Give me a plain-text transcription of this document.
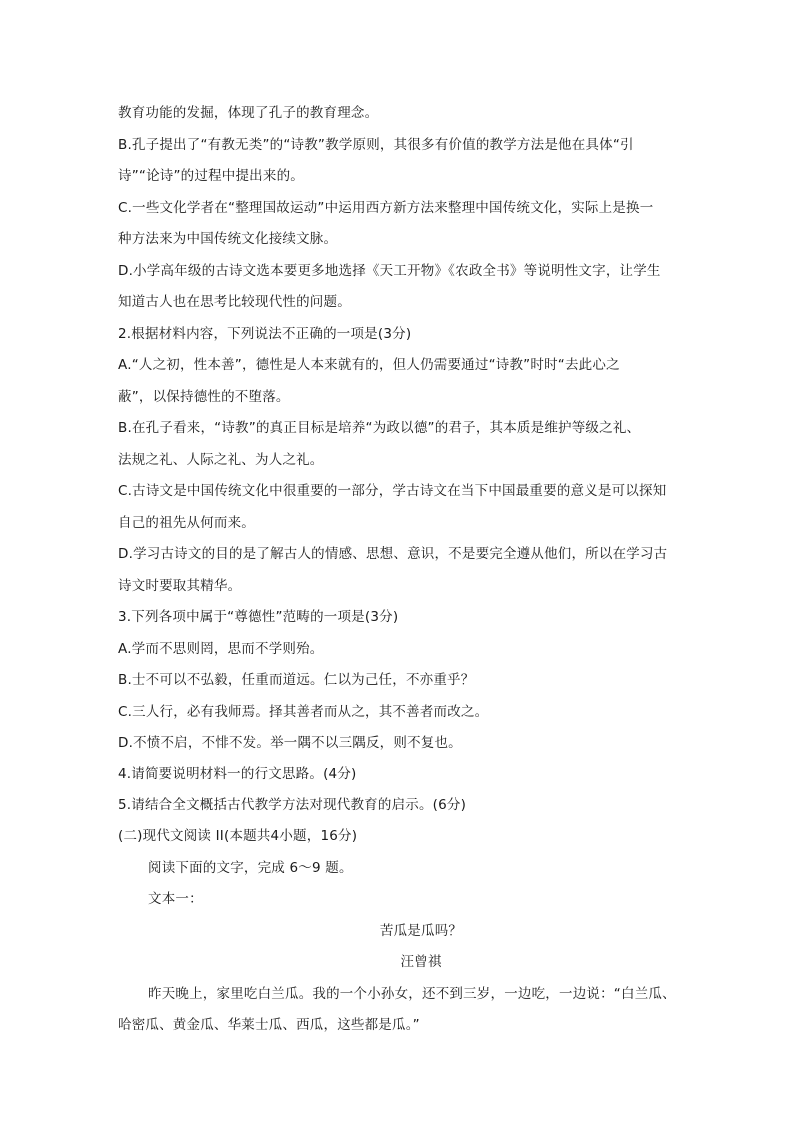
教育功能的发掘，体现了孔子的教育理念。
B.孔子提出了“有教无类”的“诗教”教学原则，其很多有价值的教学方法是他在具体“引
诗”“论诗”的过程中提出来的。
C.一些文化学者在“整理国故运动”中运用西方新方法来整理中国传统文化，实际上是换一
种方法来为中国传统文化接续文脉。
D.小学高年级的古诗文选本要更多地选择《天工开物》《农政全书》等说明性文字，让学生
知道古人也在思考比较现代性的问题。
2.根据材料内容，下列说法不正确的一项是(3分)
A.“人之初，性本善”，德性是人本来就有的，但人仍需要通过“诗教”时时“去此心之
蔽”，以保持德性的不堕落。
B.在孔子看来，“诗教”的真正目标是培养“为政以德”的君子，其本质是维护等级之礼、
法规之礼、人际之礼、为人之礼。
C.古诗文是中国传统文化中很重要的一部分，学古诗文在当下中国最重要的意义是可以探知
自己的祖先从何而来。
D.学习古诗文的目的是了解古人的情感、思想、意识，不是要完全遵从他们，所以在学习古
诗文时要取其精华。
3.下列各项中属于“尊德性”范畴的一项是(3分)
A.学而不思则罔，思而不学则殆。
B.士不可以不弘毅，任重而道远。仁以为己任，不亦重乎？
C.三人行，必有我师焉。择其善者而从之，其不善者而改之。
D.不愤不启，不悱不发。举一隅不以三隅反，则不复也。
4.请简要说明材料一的行文思路。(4分)
5.请结合全文概括古代教学方法对现代教育的启示。(6分)
(二)现代文阅读 II(本题共4小题，16分)
阅读下面的文字，完成 6～9 题。
文本一：
苦瓜是瓜吗？
汪曾祺
昨天晚上，家里吃白兰瓜。我的一个小孙女，还不到三岁，一边吃，一边说：“白兰瓜、
哈密瓜、黄金瓜、华莱士瓜、西瓜，这些都是瓜。”
